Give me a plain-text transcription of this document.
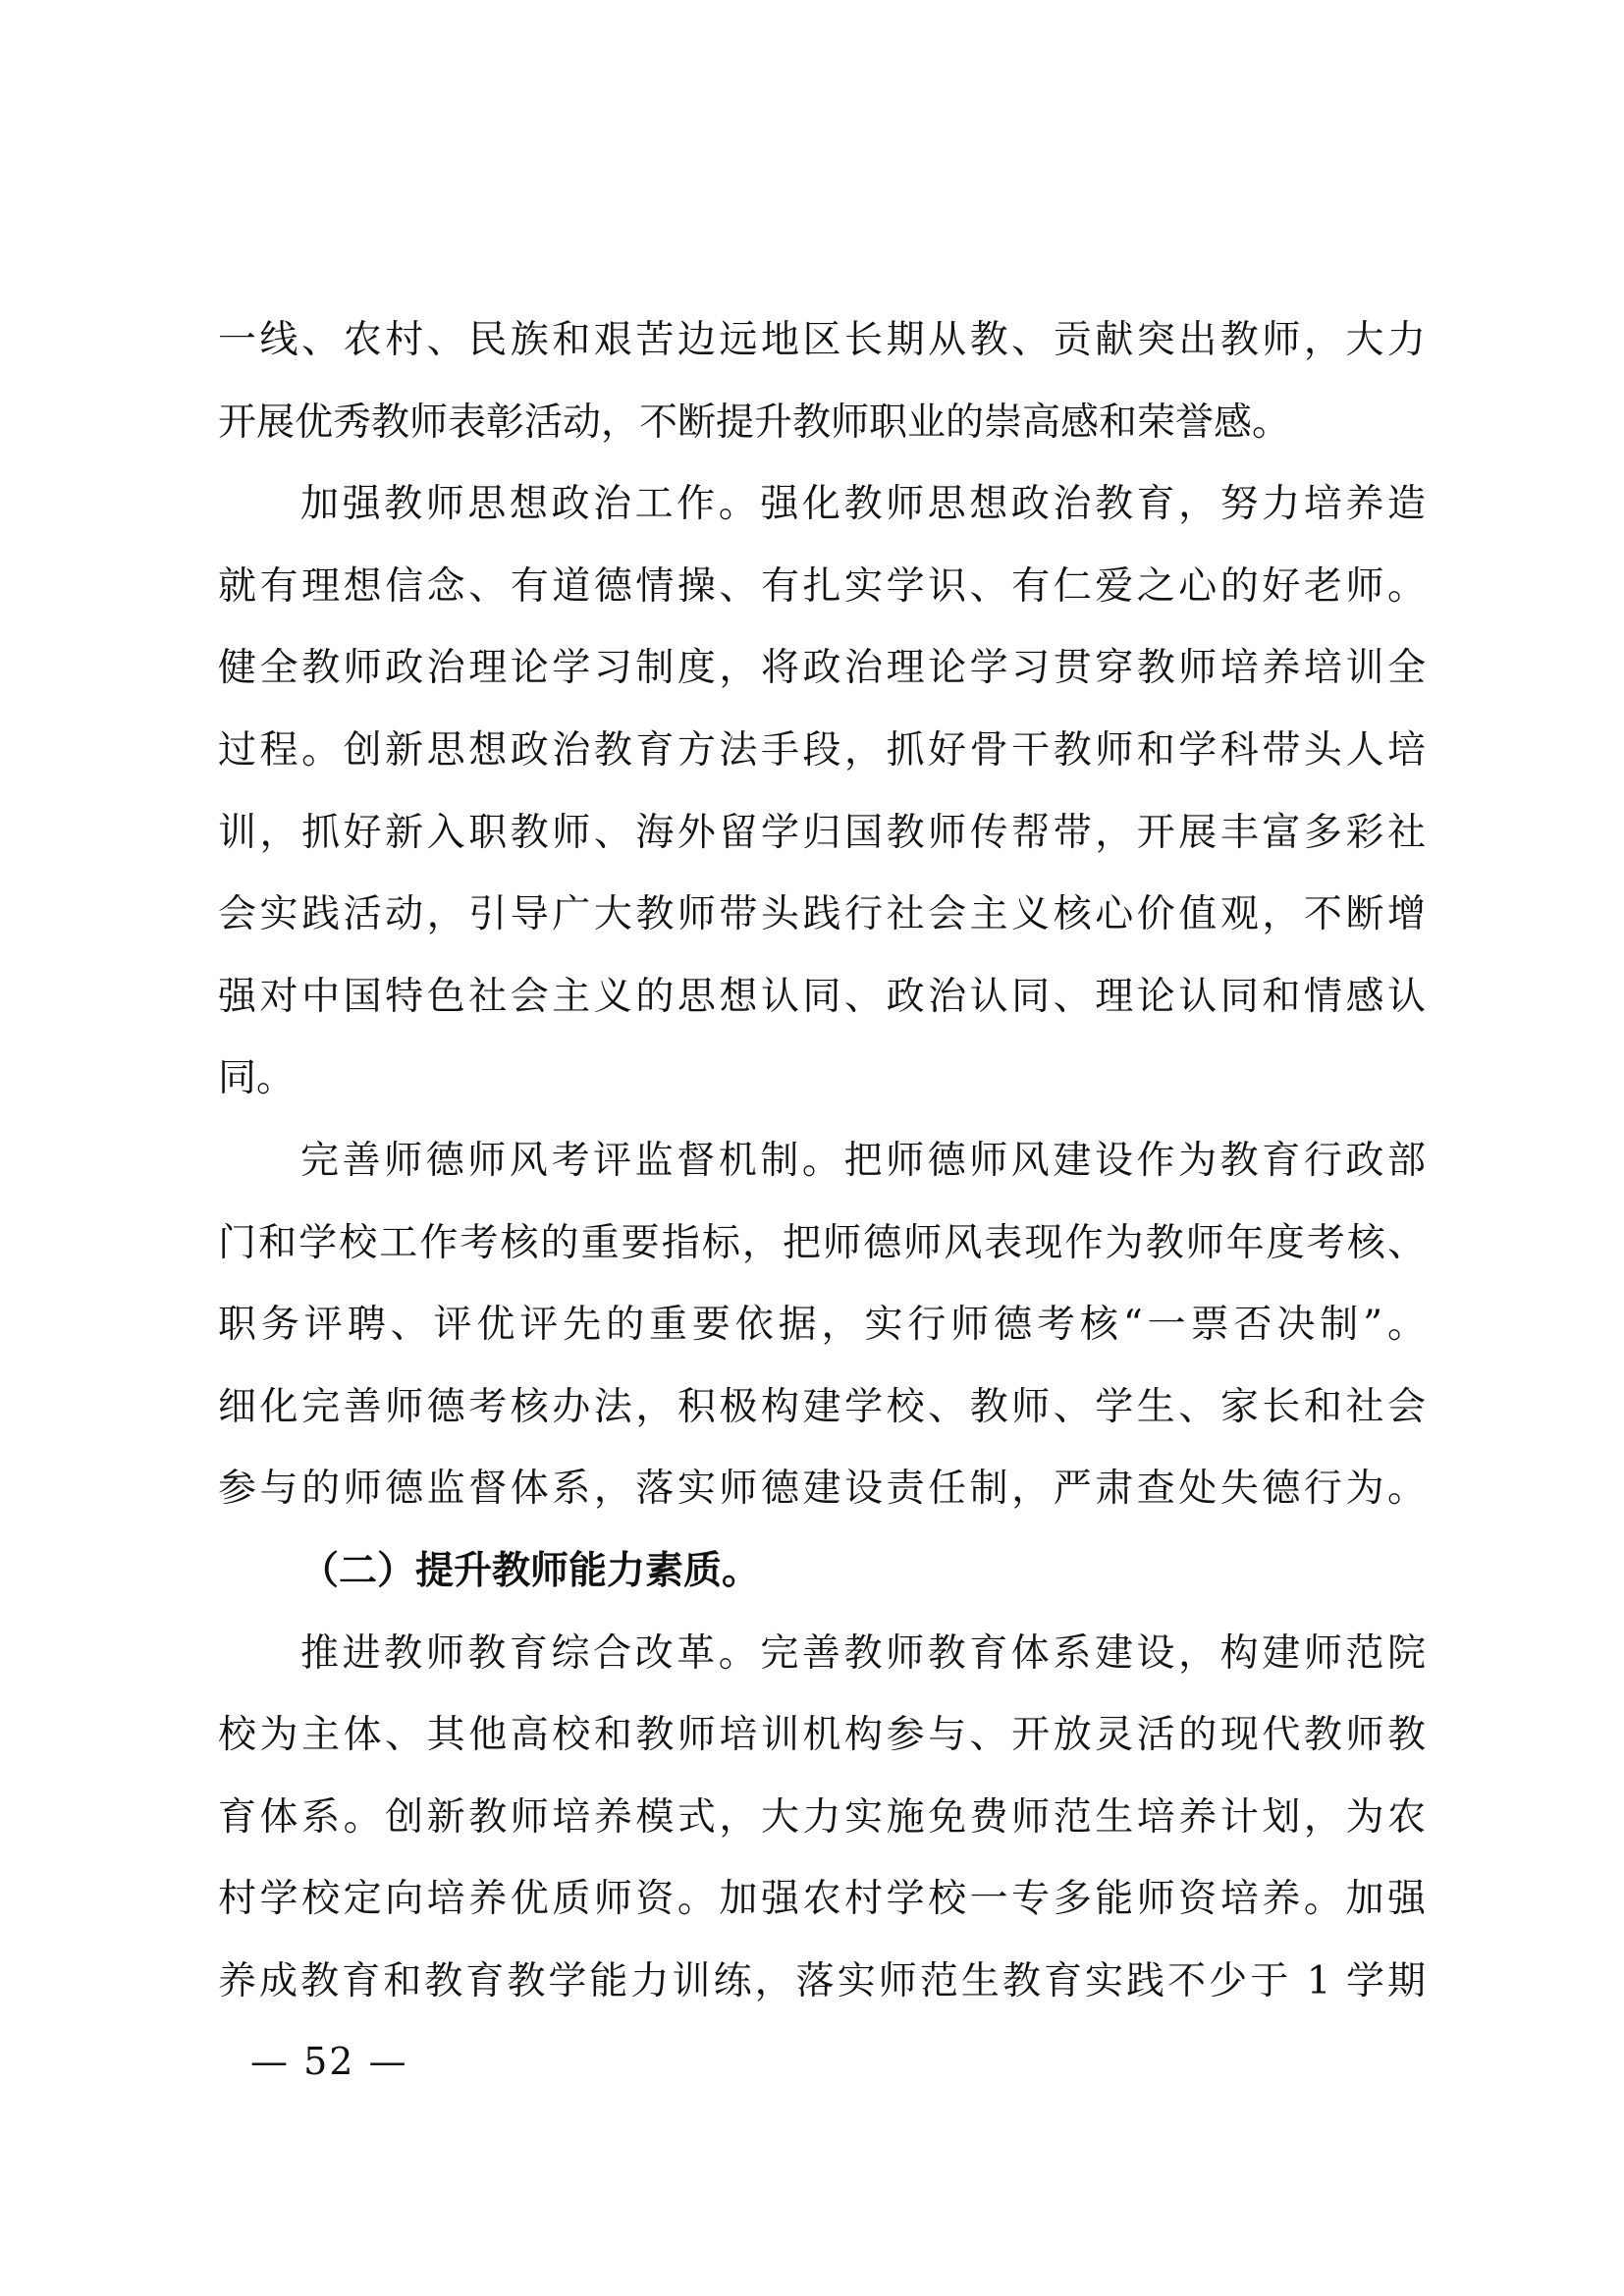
一线、农村、民族和艰苦边远地区长期从教、贡献突出教师，大力
开展优秀教师表彰活动，不断提升教师职业的崇高感和荣誉感。
加强教师思想政治工作。强化教师思想政治教育，努力培养造
就有理想信念、有道德情操、有扎实学识、有仁爱之心的好老师。
健全教师政治理论学习制度，将政治理论学习贯穿教师培养培训全
过程。创新思想政治教育方法手段，抓好骨干教师和学科带头人培
训，抓好新入职教师、海外留学归国教师传帮带，开展丰富多彩社
会实践活动，引导广大教师带头践行社会主义核心价值观，不断增
强对中国特色社会主义的思想认同、政治认同、理论认同和情感认
同。
完善师德师风考评监督机制。把师德师风建设作为教育行政部
门和学校工作考核的重要指标，把师德师风表现作为教师年度考核、
职务评聘、评优评先的重要依据，实行师德考核“一票否决制”。
细化完善师德考核办法，积极构建学校、教师、学生、家长和社会
参与的师德监督体系，落实师德建设责任制，严肃查处失德行为。
（二）提升教师能力素质。
推进教师教育综合改革。完善教师教育体系建设，构建师范院
校为主体、其他高校和教师培训机构参与、开放灵活的现代教师教
育体系。创新教师培养模式，大力实施免费师范生培养计划，为农
村学校定向培养优质师资。加强农村学校一专多能师资培养。加强
养成教育和教育教学能力训练，落实师范生教育实践不少于 1 学期
— 52 —
